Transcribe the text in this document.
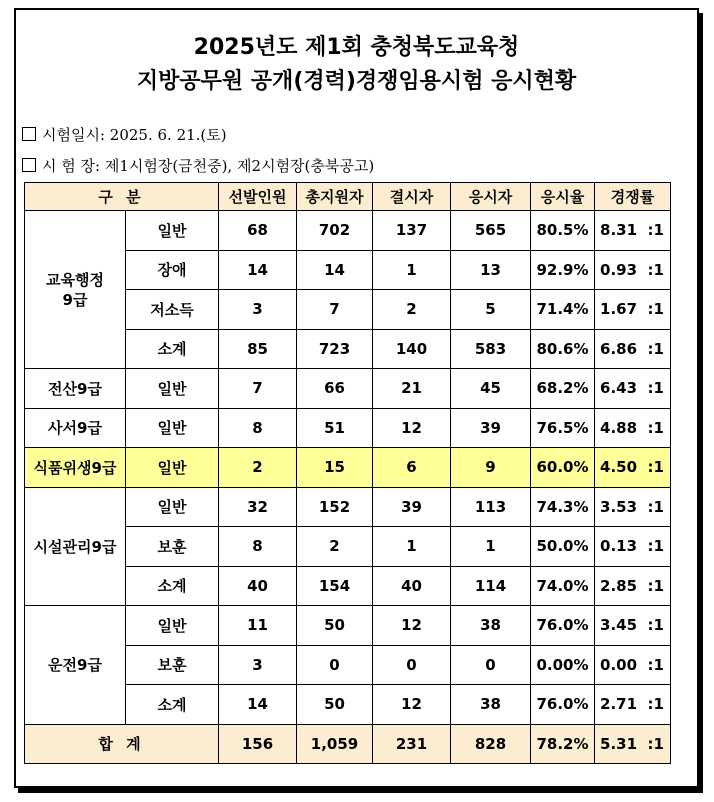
2025년도 제1회 충청북도교육청
지방공무원 공개(경력)경쟁임용시험 응시현황
시험일시: 2025. 6. 21.(토)
시 험 장: 제1시험장(금천중), 제2시험장(충북공고)
구 분		선발인원	총지원자	결시자	응시자	응시율	경쟁률
교육행정
9급	일반	68	702	137	565	80.5%	8.31  :1
	장애	14	14	1	13	92.9%	0.93  :1
	저소득	3	7	2	5	71.4%	1.67  :1
	소계	85	723	140	583	80.6%	6.86  :1
전산9급	일반	7	66	21	45	68.2%	6.43  :1
사서9급	일반	8	51	12	39	76.5%	4.88  :1
식품위생9급	일반	2	15	6	9	60.0%	4.50  :1
시설관리9급	일반	32	152	39	113	74.3%	3.53  :1
	보훈	8	2	1	1	50.0%	0.13  :1
	소계	40	154	40	114	74.0%	2.85  :1
운전9급	일반	11	50	12	38	76.0%	3.45  :1
	보훈	3	0	0	0	0.00%	0.00  :1
	소계	14	50	12	38	76.0%	2.71  :1
합 계		156	1,059	231	828	78.2%	5.31  :1
